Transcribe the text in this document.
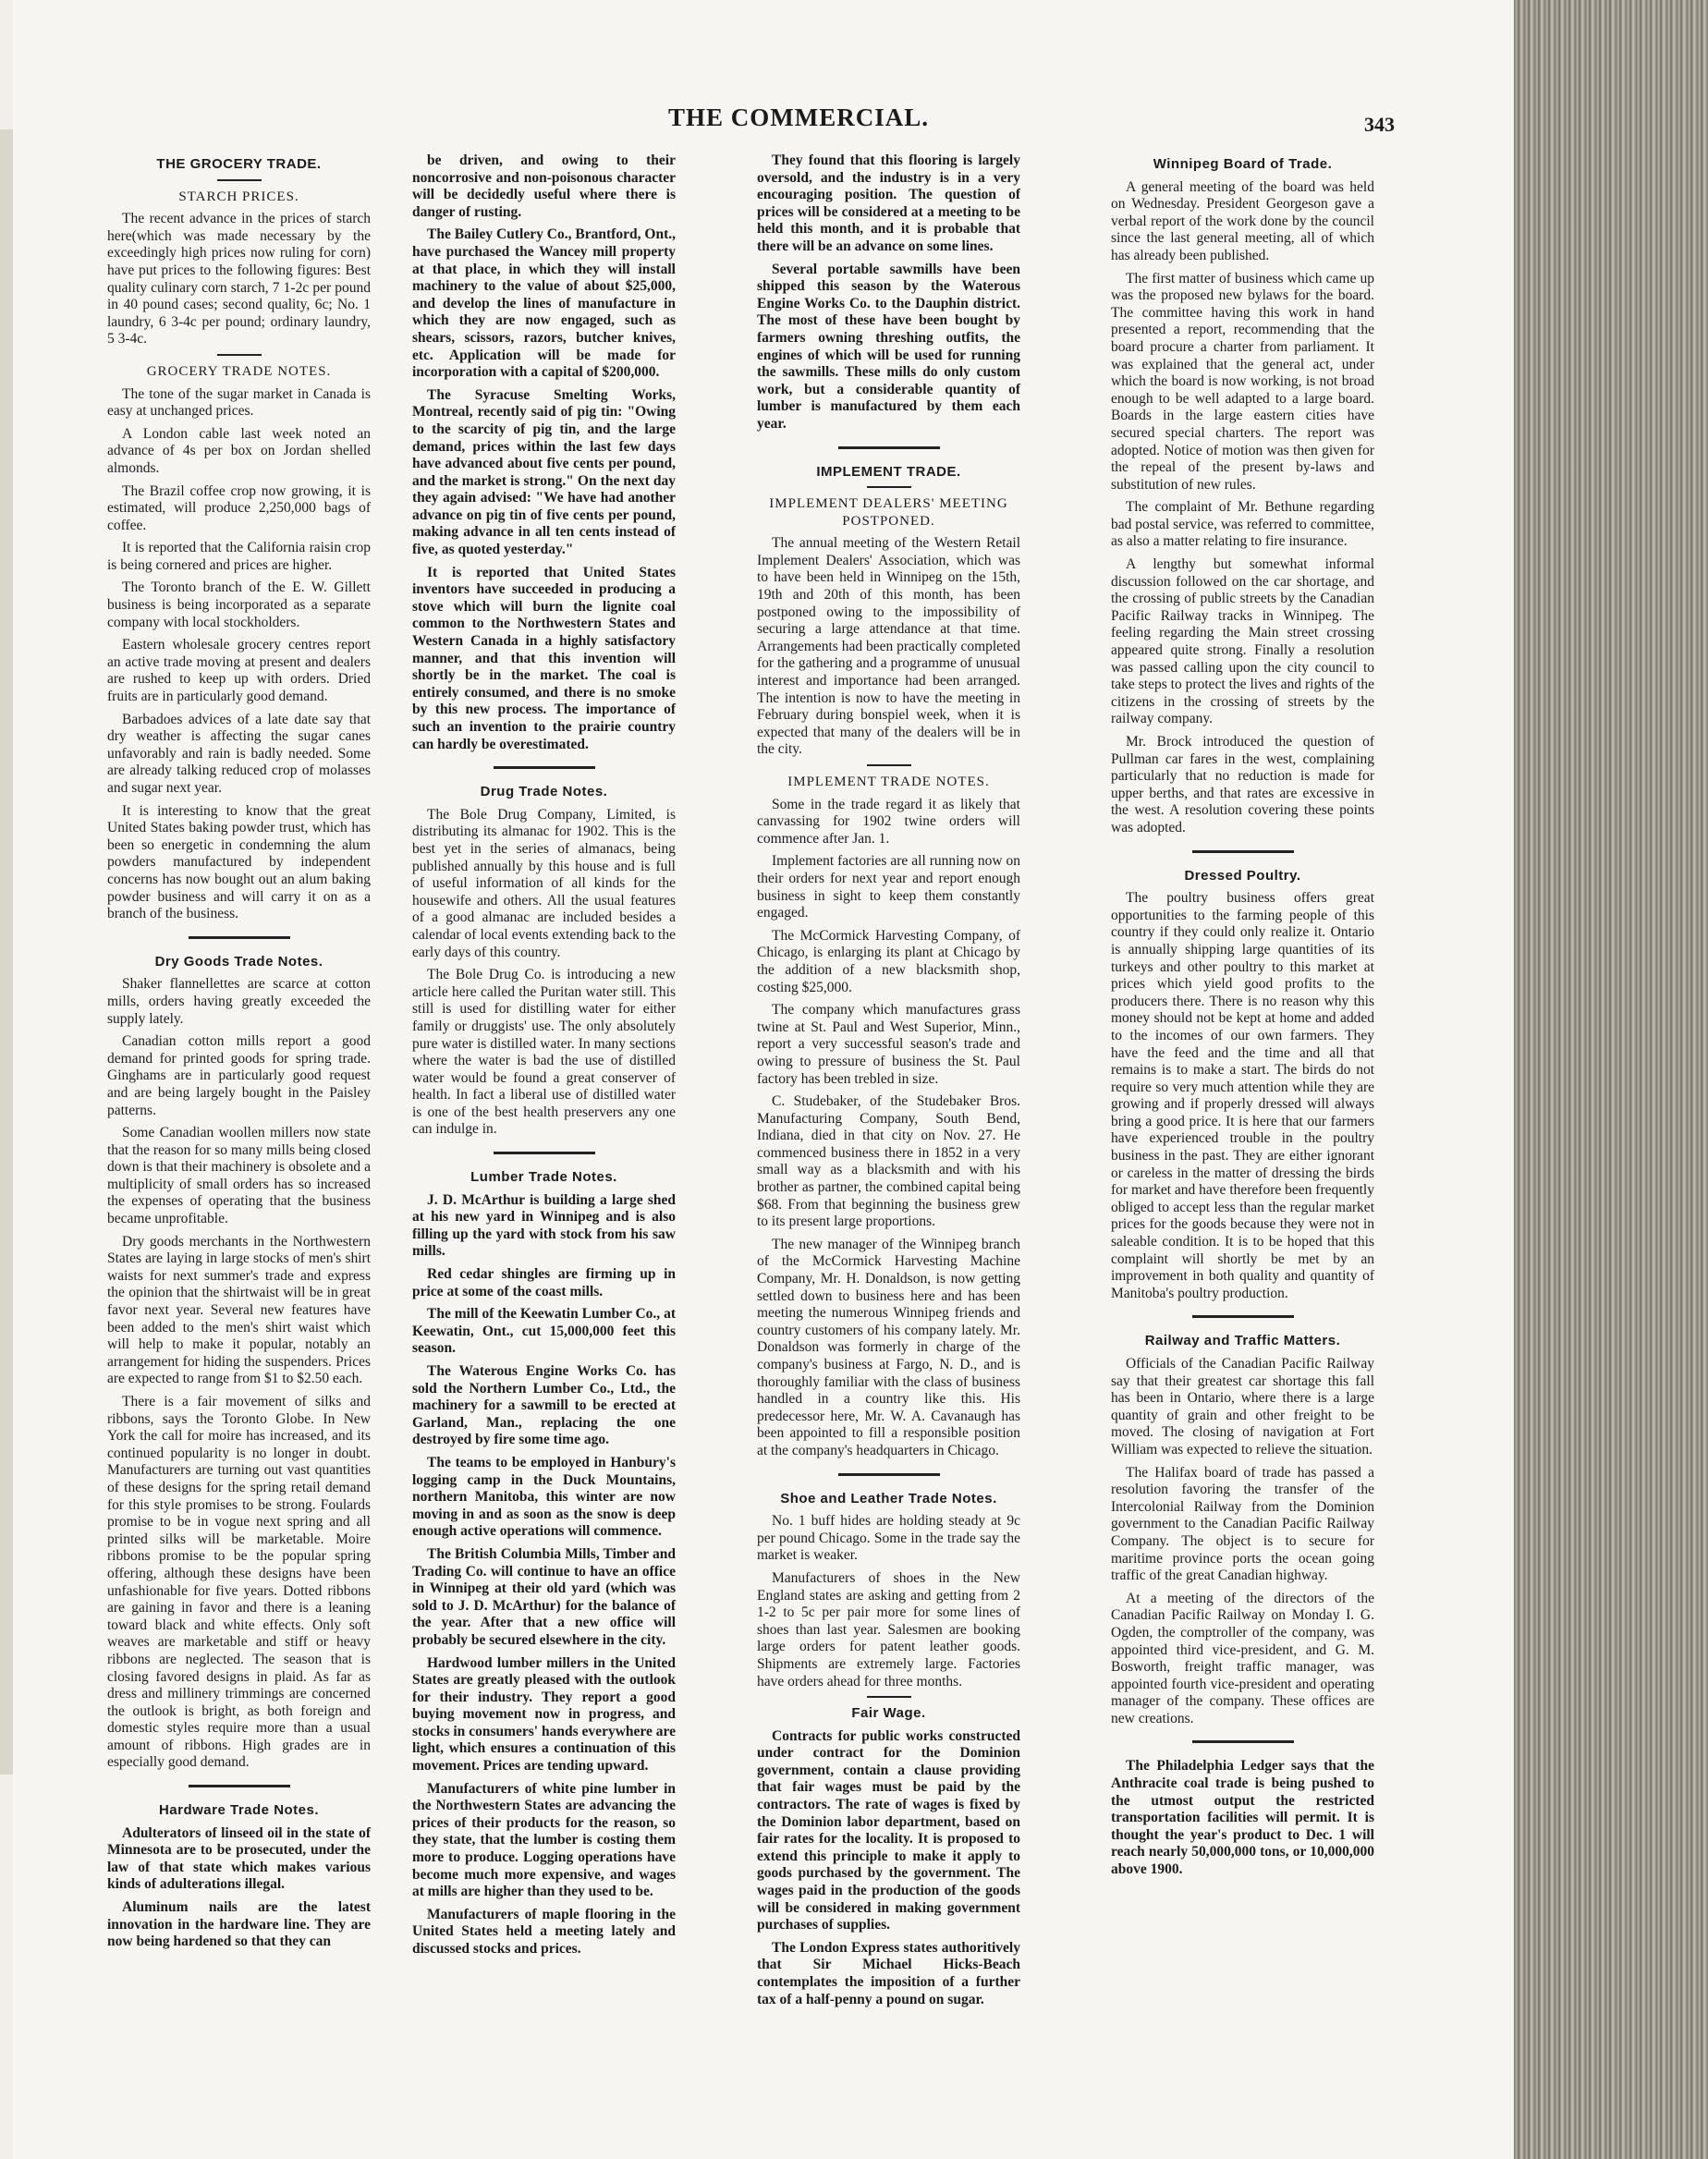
THE COMMERCIAL.	343
THE GROCERY TRADE.
STARCH PRICES.

The recent advance in the prices of starch here(which was made necessary by the exceedingly high prices now ruling for corn) have put prices to the following figures: Best quality culinary corn starch, 7 1-2c per pound in 40 pound cases; second quality, 6c; No. 1 laundry, 6 3-4c per pound; ordinary laundry, 5 3-4c.

GROCERY TRADE NOTES.

The tone of the sugar market in Canada is easy at unchanged prices.

A London cable last week noted an advance of 4s per box on Jordan shelled almonds.

The Brazil coffee crop now growing, it is estimated, will produce 2,250,000 bags of coffee.

It is reported that the California raisin crop is being cornered and prices are higher.

The Toronto branch of the E. W. Gillett business is being incorporated as a separate company with local stockholders.

Eastern wholesale grocery centres report an active trade moving at present and dealers are rushed to keep up with orders. Dried fruits are in particularly good demand.

Barbadoes advices of a late date say that dry weather is affecting the sugar canes unfavorably and rain is badly needed. Some are already talking reduced crop of molasses and sugar next year.

It is interesting to know that the great United States baking powder trust, which has been so energetic in condemning the alum powders manufactured by independent concerns has now bought out an alum baking powder business and will carry it on as a branch of the business.

Dry Goods Trade Notes.

Shaker flannellettes are scarce at cotton mills, orders having greatly exceeded the supply lately.

Canadian cotton mills report a good demand for printed goods for spring trade. Ginghams are in particularly good request and are being largely bought in the Paisley patterns.

Some Canadian woollen millers now state that the reason for so many mills being closed down is that their machinery is obsolete and a multiplicity of small orders has so increased the expenses of operating that the business became unprofitable.

Dry goods merchants in the Northwestern States are laying in large stocks of men's shirt waists for next summer's trade and express the opinion that the shirtwaist will be in great favor next year. Several new features have been added to the men's shirt waist which will help to make it popular, notably an arrangement for hiding the suspenders. Prices are expected to range from $1 to $2.50 each.

There is a fair movement of silks and ribbons, says the Toronto Globe. In New York the call for moire has increased, and its continued popularity is no longer in doubt. Manufacturers are turning out vast quantities of these designs for the spring retail demand for this style promises to be strong. Foulards promise to be in vogue next spring and all printed silks will be marketable. Moire ribbons promise to be the popular spring offering, although these designs have been unfashionable for five years. Dotted ribbons are gaining in favor and there is a leaning toward black and white effects. Only soft weaves are marketable and stiff or heavy ribbons are neglected. The season that is closing favored designs in plaid. As far as dress and millinery trimmings are concerned the outlook is bright, as both foreign and domestic styles require more than a usual amount of ribbons. High grades are in especially good demand.

Hardware Trade Notes.

Adulterators of linseed oil in the state of Minnesota are to be prosecuted, under the law of that state which makes various kinds of adulterations illegal.

Aluminum nails are the latest innovation in the hardware line. They are now being hardened so that they can

be driven, and owing to their noncorrosive and non-poisonous character will be decidedly useful where there is danger of rusting.

The Bailey Cutlery Co., Brantford, Ont., have purchased the Wancey mill property at that place, in which they will install machinery to the value of about $25,000, and develop the lines of manufacture in which they are now engaged, such as shears, scissors, razors, butcher knives, etc. Application will be made for incorporation with a capital of $200,000.

The Syracuse Smelting Works, Montreal, recently said of pig tin: "Owing to the scarcity of pig tin, and the large demand, prices within the last few days have advanced about five cents per pound, and the market is strong." On the next day they again advised: "We have had another advance on pig tin of five cents per pound, making advance in all ten cents instead of five, as quoted yesterday."

It is reported that United States inventors have succeeded in producing a stove which will burn the lignite coal common to the Northwestern States and Western Canada in a highly satisfactory manner, and that this invention will shortly be in the market. The coal is entirely consumed, and there is no smoke by this new process. The importance of such an invention to the prairie country can hardly be overestimated.

Drug Trade Notes.

The Bole Drug Company, Limited, is distributing its almanac for 1902. This is the best yet in the series of almanacs, being published annually by this house and is full of useful information of all kinds for the housewife and others. All the usual features of a good almanac are included besides a calendar of local events extending back to the early days of this country.

The Bole Drug Co. is introducing a new article here called the Puritan water still. This still is used for distilling water for either family or druggists' use. The only absolutely pure water is distilled water. In many sections where the water is bad the use of distilled water would be found a great conserver of health. In fact a liberal use of distilled water is one of the best health preservers any one can indulge in.

Lumber Trade Notes.

J. D. McArthur is building a large shed at his new yard in Winnipeg and is also filling up the yard with stock from his saw mills.

Red cedar shingles are firming up in price at some of the coast mills.

The mill of the Keewatin Lumber Co., at Keewatin, Ont., cut 15,000,000 feet this season.

The Waterous Engine Works Co. has sold the Northern Lumber Co., Ltd., the machinery for a sawmill to be erected at Garland, Man., replacing the one destroyed by fire some time ago.

The teams to be employed in Hanbury's logging camp in the Duck Mountains, northern Manitoba, this winter are now moving in and as soon as the snow is deep enough active operations will commence.

The British Columbia Mills, Timber and Trading Co. will continue to have an office in Winnipeg at their old yard (which was sold to J. D. McArthur) for the balance of the year. After that a new office will probably be secured elsewhere in the city.

Hardwood lumber millers in the United States are greatly pleased with the outlook for their industry. They report a good buying movement now in progress, and stocks in consumers' hands everywhere are light, which ensures a continuation of this movement. Prices are tending upward.

Manufacturers of white pine lumber in the Northwestern States are advancing the prices of their products for the reason, so they state, that the lumber is costing them more to produce. Logging operations have become much more expensive, and wages at mills are higher than they used to be.

Manufacturers of maple flooring in the United States held a meeting lately and discussed stocks and prices.

They found that this flooring is largely oversold, and the industry is in a very encouraging position. The question of prices will be considered at a meeting to be held this month, and it is probable that there will be an advance on some lines.

Several portable sawmills have been shipped this season by the Waterous Engine Works Co. to the Dauphin district. The most of these have been bought by farmers owning threshing outfits, the engines of which will be used for running the sawmills. These mills do only custom work, but a considerable quantity of lumber is manufactured by them each year.

IMPLEMENT TRADE.
IMPLEMENT DEALERS' MEETING POSTPONED.

The annual meeting of the Western Retail Implement Dealers' Association, which was to have been held in Winnipeg on the 15th, 19th and 20th of this month, has been postponed owing to the impossibility of securing a large attendance at that time. Arrangements had been practically completed for the gathering and a programme of unusual interest and importance had been arranged. The intention is now to have the meeting in February during bonspiel week, when it is expected that many of the dealers will be in the city.

IMPLEMENT TRADE NOTES.

Some in the trade regard it as likely that canvassing for 1902 twine orders will commence after Jan. 1.

Implement factories are all running now on their orders for next year and report enough business in sight to keep them constantly engaged.

The McCormick Harvesting Company, of Chicago, is enlarging its plant at Chicago by the addition of a new blacksmith shop, costing $25,000.

The company which manufactures grass twine at St. Paul and West Superior, Minn., report a very successful season's trade and owing to pressure of business the St. Paul factory has been trebled in size.

C. Studebaker, of the Studebaker Bros. Manufacturing Company, South Bend, Indiana, died in that city on Nov. 27. He commenced business there in 1852 in a very small way as a blacksmith and with his brother as partner, the combined capital being $68. From that beginning the business grew to its present large proportions.

The new manager of the Winnipeg branch of the McCormick Harvesting Machine Company, Mr. H. Donaldson, is now getting settled down to business here and has been meeting the numerous Winnipeg friends and country customers of his company lately. Mr. Donaldson was formerly in charge of the company's business at Fargo, N. D., and is thoroughly familiar with the class of business handled in a country like this. His predecessor here, Mr. W. A. Cavanaugh has been appointed to fill a responsible position at the company's headquarters in Chicago.

Shoe and Leather Trade Notes.

No. 1 buff hides are holding steady at 9c per pound Chicago. Some in the trade say the market is weaker.

Manufacturers of shoes in the New England states are asking and getting from 2 1-2 to 5c per pair more for some lines of shoes than last year. Salesmen are booking large orders for patent leather goods. Shipments are extremely large. Factories have orders ahead for three months.

Fair Wage.

Contracts for public works constructed under contract for the Dominion government, contain a clause providing that fair wages must be paid by the contractors. The rate of wages is fixed by the Dominion labor department, based on fair rates for the locality. It is proposed to extend this principle to make it apply to goods purchased by the government. The wages paid in the production of the goods will be considered in making government purchases of supplies.

The London Express states authoritively that Sir Michael Hicks-Beach contemplates the imposition of a further tax of a half-penny a pound on sugar.

Winnipeg Board of Trade.

A general meeting of the board was held on Wednesday. President Georgeson gave a verbal report of the work done by the council since the last general meeting, all of which has already been published.

The first matter of business which came up was the proposed new bylaws for the board. The committee having this work in hand presented a report, recommending that the board procure a charter from parliament. It was explained that the general act, under which the board is now working, is not broad enough to be well adapted to a large board. Boards in the large eastern cities have secured special charters. The report was adopted. Notice of motion was then given for the repeal of the present by-laws and substitution of new rules.

The complaint of Mr. Bethune regarding bad postal service, was referred to committee, as also a matter relating to fire insurance.

A lengthy but somewhat informal discussion followed on the car shortage, and the crossing of public streets by the Canadian Pacific Railway tracks in Winnipeg. The feeling regarding the Main street crossing appeared quite strong. Finally a resolution was passed calling upon the city council to take steps to protect the lives and rights of the citizens in the crossing of streets by the railway company.

Mr. Brock introduced the question of Pullman car fares in the west, complaining particularly that no reduction is made for upper berths, and that rates are excessive in the west. A resolution covering these points was adopted.

Dressed Poultry.

The poultry business offers great opportunities to the farming people of this country if they could only realize it. Ontario is annually shipping large quantities of its turkeys and other poultry to this market at prices which yield good profits to the producers there. There is no reason why this money should not be kept at home and added to the incomes of our own farmers. They have the feed and the time and all that remains is to make a start. The birds do not require so very much attention while they are growing and if properly dressed will always bring a good price. It is here that our farmers have experienced trouble in the poultry business in the past. They are either ignorant or careless in the matter of dressing the birds for market and have therefore been frequently obliged to accept less than the regular market prices for the goods because they were not in saleable condition. It is to be hoped that this complaint will shortly be met by an improvement in both quality and quantity of Manitoba's poultry production.

Railway and Traffic Matters.

Officials of the Canadian Pacific Railway say that their greatest car shortage this fall has been in Ontario, where there is a large quantity of grain and other freight to be moved. The closing of navigation at Fort William was expected to relieve the situation.

The Halifax board of trade has passed a resolution favoring the transfer of the Intercolonial Railway from the Dominion government to the Canadian Pacific Railway Company. The object is to secure for maritime province ports the ocean going traffic of the great Canadian highway.

At a meeting of the directors of the Canadian Pacific Railway on Monday I. G. Ogden, the comptroller of the company, was appointed third vice-president, and G. M. Bosworth, freight traffic manager, was appointed fourth vice-president and operating manager of the company. These offices are new creations.

The Philadelphia Ledger says that the Anthracite coal trade is being pushed to the utmost output the restricted transportation facilities will permit. It is thought the year's product to Dec. 1 will reach nearly 50,000,000 tons, or 10,000,000 above 1900.
